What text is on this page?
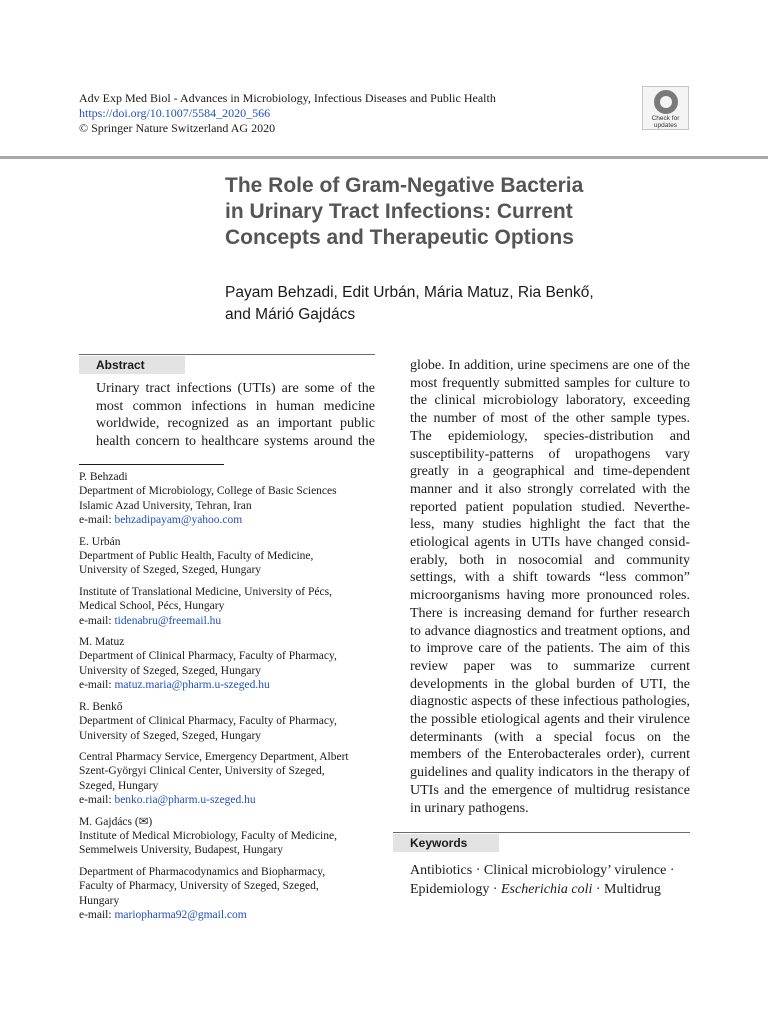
Adv Exp Med Biol - Advances in Microbiology, Infectious Diseases and Public Health
https://doi.org/10.1007/5584_2020_566
© Springer Nature Switzerland AG 2020
Check for updates
The Role of Gram-Negative Bacteria
in Urinary Tract Infections: Current
Concepts and Therapeutic Options
Payam Behzadi, Edit Urbán, Mária Matuz, Ria Benkő,
and Márió Gajdács
Abstract
Urinary tract infections (UTIs) are some of the
most common infections in human medicine
worldwide, recognized as an important public
health concern to healthcare systems around the

P. Behzadi
Department of Microbiology, College of Basic Sciences
Islamic Azad University, Tehran, Iran
e-mail: behzadipayam@yahoo.com

E. Urbán
Department of Public Health, Faculty of Medicine,
University of Szeged, Szeged, Hungary

Institute of Translational Medicine, University of Pécs,
Medical School, Pécs, Hungary
e-mail: tidenabru@freemail.hu

M. Matuz
Department of Clinical Pharmacy, Faculty of Pharmacy,
University of Szeged, Szeged, Hungary
e-mail: matuz.maria@pharm.u-szeged.hu

R. Benkő
Department of Clinical Pharmacy, Faculty of Pharmacy,
University of Szeged, Szeged, Hungary

Central Pharmacy Service, Emergency Department, Albert
Szent-Györgyi Clinical Center, University of Szeged,
Szeged, Hungary
e-mail: benko.ria@pharm.u-szeged.hu

M. Gajdács (✉)
Institute of Medical Microbiology, Faculty of Medicine,
Semmelweis University, Budapest, Hungary

Department of Pharmacodynamics and Biopharmacy,
Faculty of Pharmacy, University of Szeged, Szeged,
Hungary
e-mail: mariopharma92@gmail.com

globe. In addition, urine specimens are one of the most frequently submitted samples for culture to the clinical microbiology laboratory, exceeding the number of most of the other sample types. The epidemiology, species-distribution and susceptibility-patterns of uropathogens vary greatly in a geographical and time-dependent manner and it also strongly correlated with the reported patient population studied. Neverthe-less, many studies highlight the fact that the etiological agents in UTIs have changed consid-erably, both in nosocomial and community settings, with a shift towards “less common” microorganisms having more pronounced roles. There is increasing demand for further research to advance diagnostics and treatment options, and to improve care of the patients. The aim of this review paper was to summarize current developments in the global burden of UTI, the diagnostic aspects of these infectious pathologies, the possible etiological agents and their virulence determinants (with a special focus on the members of the Enterobacterales order), current guidelines and quality indicators in the therapy of UTIs and the emergence of multidrug resistance in urinary pathogens.
Keywords
Antibiotics · Clinical microbiology’ virulence ·
Epidemiology · Escherichia coli · Multidrug
